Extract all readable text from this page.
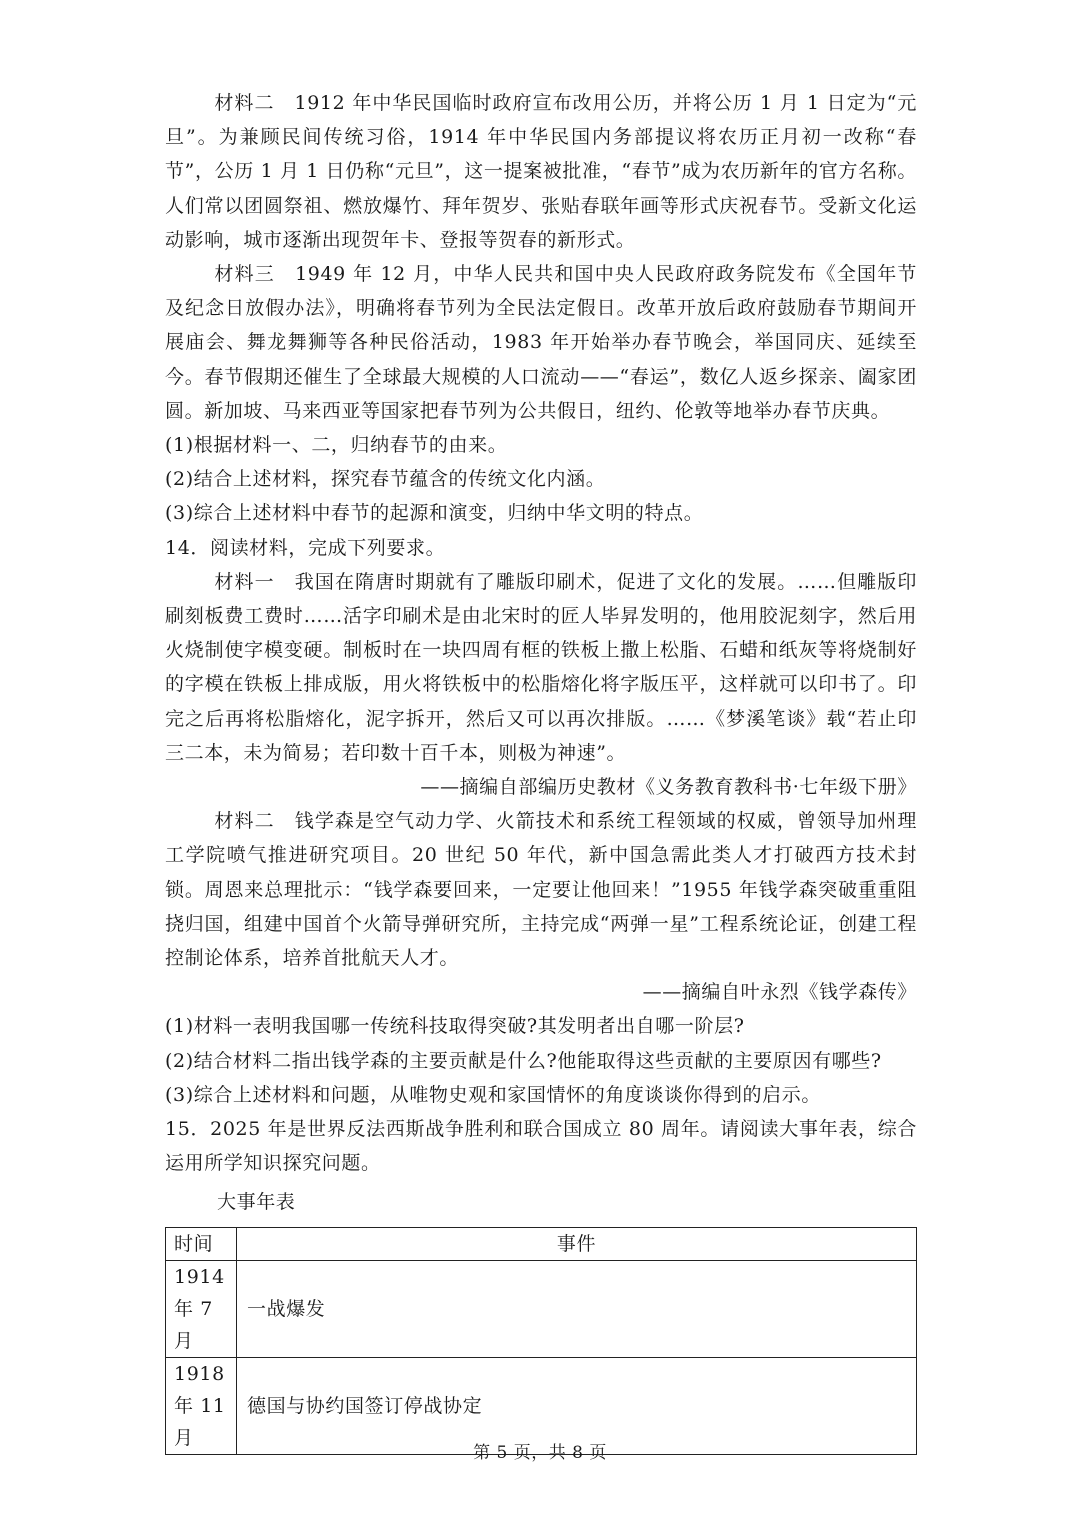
材料二　1912 年中华民国临时政府宣布改用公历，并将公历 1 月 1 日定为“元旦”。为兼顾民间传统习俗，1914 年中华民国内务部提议将农历正月初一改称“春节”，公历 1 月 1 日仍称“元旦”，这一提案被批准，“春节”成为农历新年的官方名称。人们常以团圆祭祖、燃放爆竹、拜年贺岁、张贴春联年画等形式庆祝春节。受新文化运动影响，城市逐渐出现贺年卡、登报等贺春的新形式。

材料三　1949 年 12 月，中华人民共和国中央人民政府政务院发布《全国年节及纪念日放假办法》，明确将春节列为全民法定假日。改革开放后政府鼓励春节期间开展庙会、舞龙舞狮等各种民俗活动，1983 年开始举办春节晚会，举国同庆、延续至今。春节假期还催生了全球最大规模的人口流动——“春运”，数亿人返乡探亲、阖家团圆。新加坡、马来西亚等国家把春节列为公共假日，纽约、伦敦等地举办春节庆典。

(1)根据材料一、二，归纳春节的由来。

(2)结合上述材料，探究春节蕴含的传统文化内涵。

(3)综合上述材料中春节的起源和演变，归纳中华文明的特点。

14．阅读材料，完成下列要求。

材料一　我国在隋唐时期就有了雕版印刷术，促进了文化的发展。……但雕版印刷刻板费工费时……活字印刷术是由北宋时的匠人毕昇发明的，他用胶泥刻字，然后用火烧制使字模变硬。制板时在一块四周有框的铁板上撒上松脂、石蜡和纸灰等将烧制好的字模在铁板上排成版，用火将铁板中的松脂熔化将字版压平，这样就可以印书了。印完之后再将松脂熔化，泥字拆开，然后又可以再次排版。……《梦溪笔谈》载“若止印三二本，未为简易；若印数十百千本，则极为神速”。

——摘编自部编历史教材《义务教育教科书·七年级下册》

材料二　钱学森是空气动力学、火箭技术和系统工程领域的权威，曾领导加州理工学院喷气推进研究项目。20 世纪 50 年代，新中国急需此类人才打破西方技术封锁。周恩来总理批示：“钱学森要回来，一定要让他回来！”1955 年钱学森突破重重阻挠归国，组建中国首个火箭导弹研究所，主持完成“两弹一星”工程系统论证，创建工程控制论体系，培养首批航天人才。

——摘编自叶永烈《钱学森传》

(1)材料一表明我国哪一传统科技取得突破?其发明者出自哪一阶层?

(2)结合材料二指出钱学森的主要贡献是什么?他能取得这些贡献的主要原因有哪些?

(3)综合上述材料和问题，从唯物史观和家国情怀的角度谈谈你得到的启示。

15．2025 年是世界反法西斯战争胜利和联合国成立 80 周年。请阅读大事年表，综合运用所学知识探究问题。

大事年表

时间	事件
1914 年 7 月	一战爆发
1918 年 11 月	德国与协约国签订停战协定
第 5 页，共 8 页
